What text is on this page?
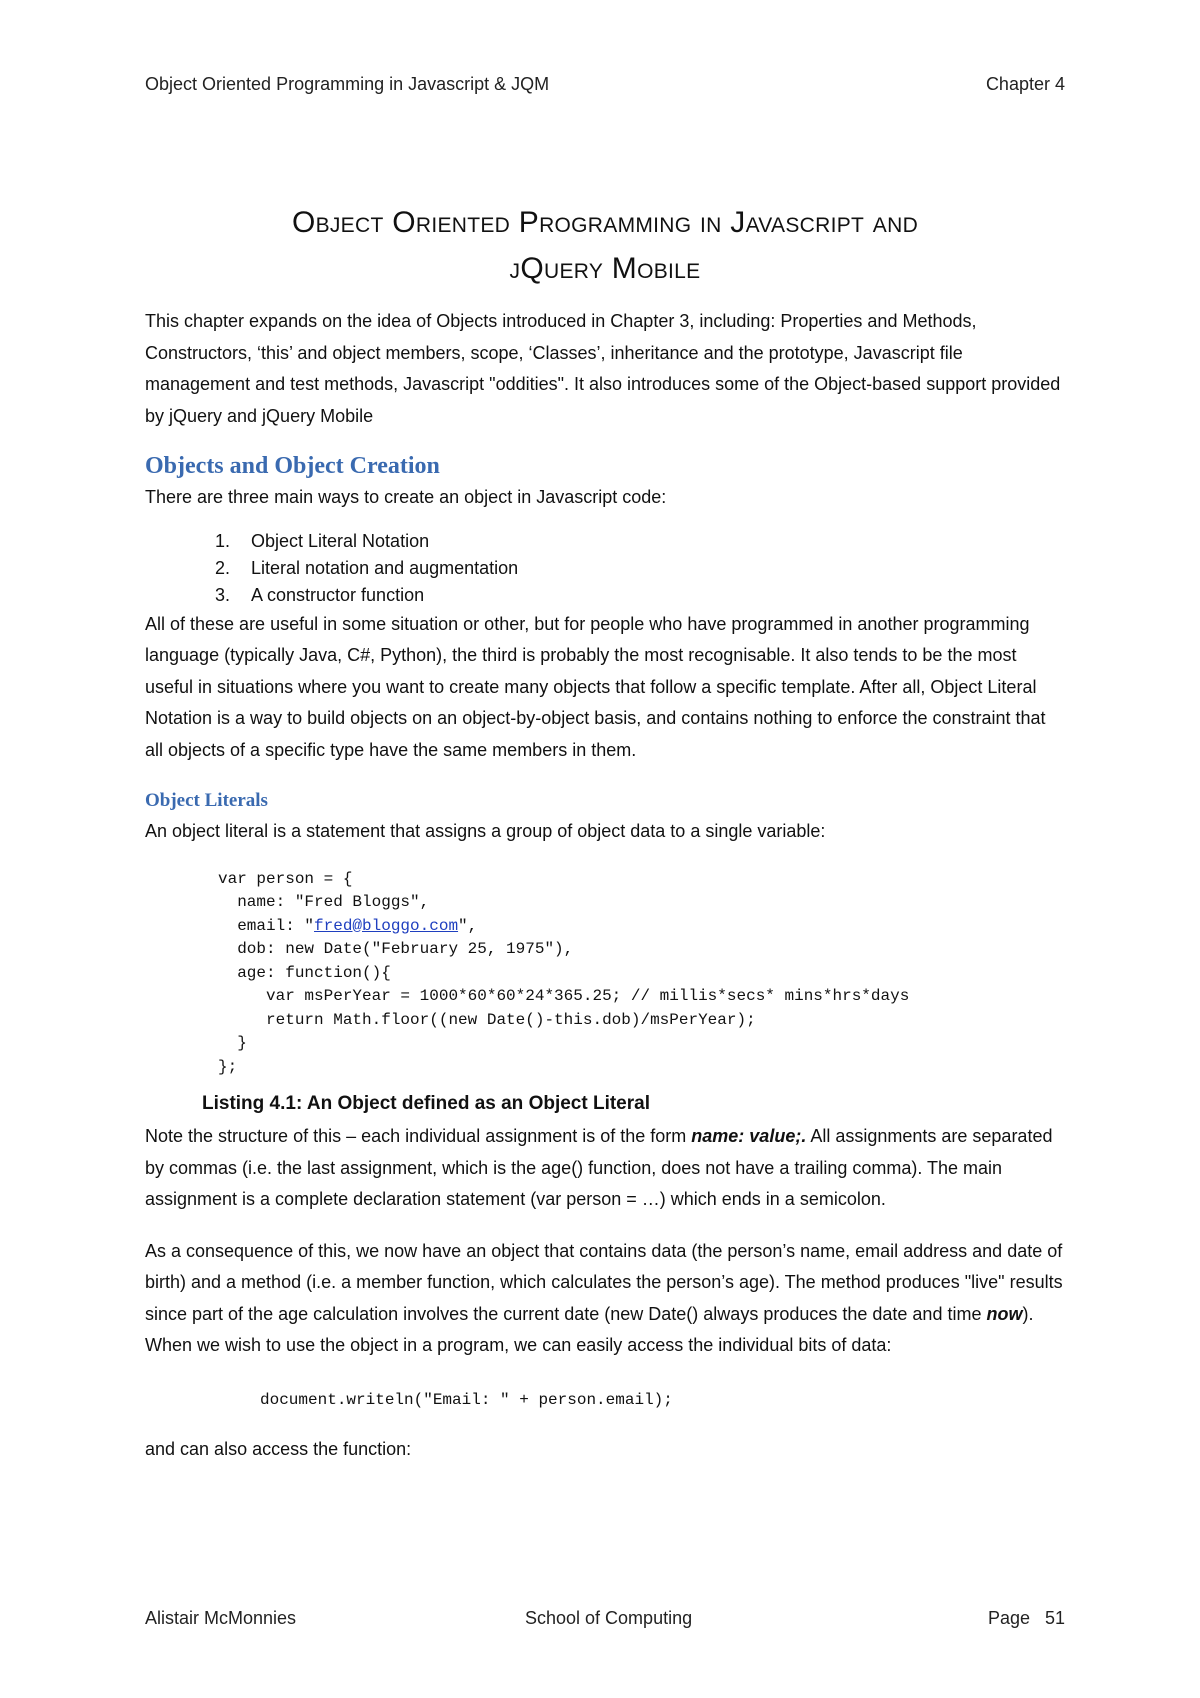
Object Oriented Programming in Javascript & JQM	Chapter 4
Object Oriented Programming in Javascript and
jQuery Mobile

This chapter expands on the idea of Objects introduced in Chapter 3, including: Properties and Methods, Constructors, ‘this’ and object members, scope, ‘Classes’, inheritance and the prototype, Javascript file management and test methods, Javascript "oddities". It also introduces some of the Object-based support provided by jQuery and jQuery Mobile

Objects and Object Creation

There are three main ways to create an object in Javascript code:

1.	Object Literal Notation
2.	Literal notation and augmentation
3.	A constructor function

All of these are useful in some situation or other, but for people who have programmed in another programming language (typically Java, C#, Python), the third is probably the most recognisable. It also tends to be the most useful in situations where you want to create many objects that follow a specific template. After all, Object Literal Notation is a way to build objects on an object-by-object basis, and contains nothing to enforce the constraint that all objects of a specific type have the same members in them.

Object Literals

An object literal is a statement that assigns a group of object data to a single variable:

var person = {
name: "Fred Bloggs",
email: "fred@bloggo.com",
dob: new Date("February 25, 1975"),
age: function(){
var msPerYear = 1000*60*60*24*365.25; // millis*secs* mins*hrs*days
return Math.floor((new Date()-this.dob)/msPerYear);
}
};
Listing 4.1: An Object defined as an Object Literal

Note the structure of this – each individual assignment is of the form name: value;. All assignments are separated by commas (i.e. the last assignment, which is the age() function, does not have a trailing comma). The main assignment is a complete declaration statement (var person = …) which ends in a semicolon.

As a consequence of this, we now have an object that contains data (the person’s name, email address and date of birth) and a method (i.e. a member function, which calculates the person’s age). The method produces "live" results since part of the age calculation involves the current date (new Date() always produces the date and time now). When we wish to use the object in a program, we can easily access the individual bits of data:

document.writeln("Email: " + person.email);

and can also access the function:

Alistair McMonnies	School of Computing	Page   51
